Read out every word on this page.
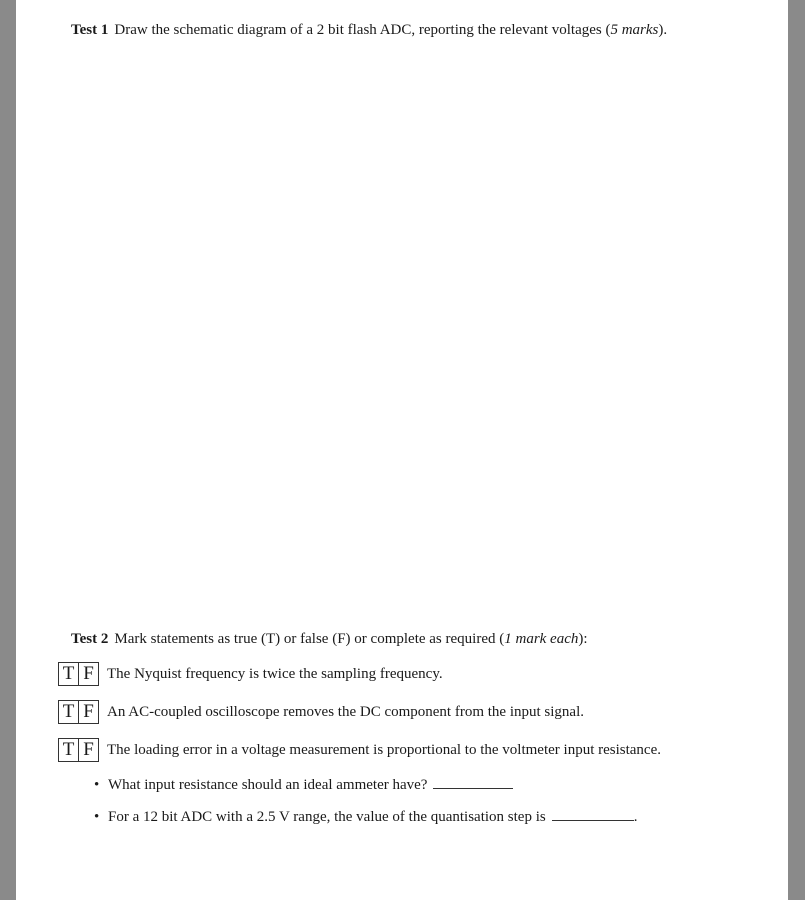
Test 1 Draw the schematic diagram of a 2 bit flash ADC, reporting the relevant voltages (5 marks).
Test 2 Mark statements as true (T) or false (F) or complete as required (1 mark each):
T F The Nyquist frequency is twice the sampling frequency.
T F An AC-coupled oscilloscope removes the DC component from the input signal.
T F The loading error in a voltage measurement is proportional to the voltmeter input resistance.
• What input resistance should an ideal ammeter have?
• For a 12 bit ADC with a 2.5 V range, the value of the quantisation step is	.
